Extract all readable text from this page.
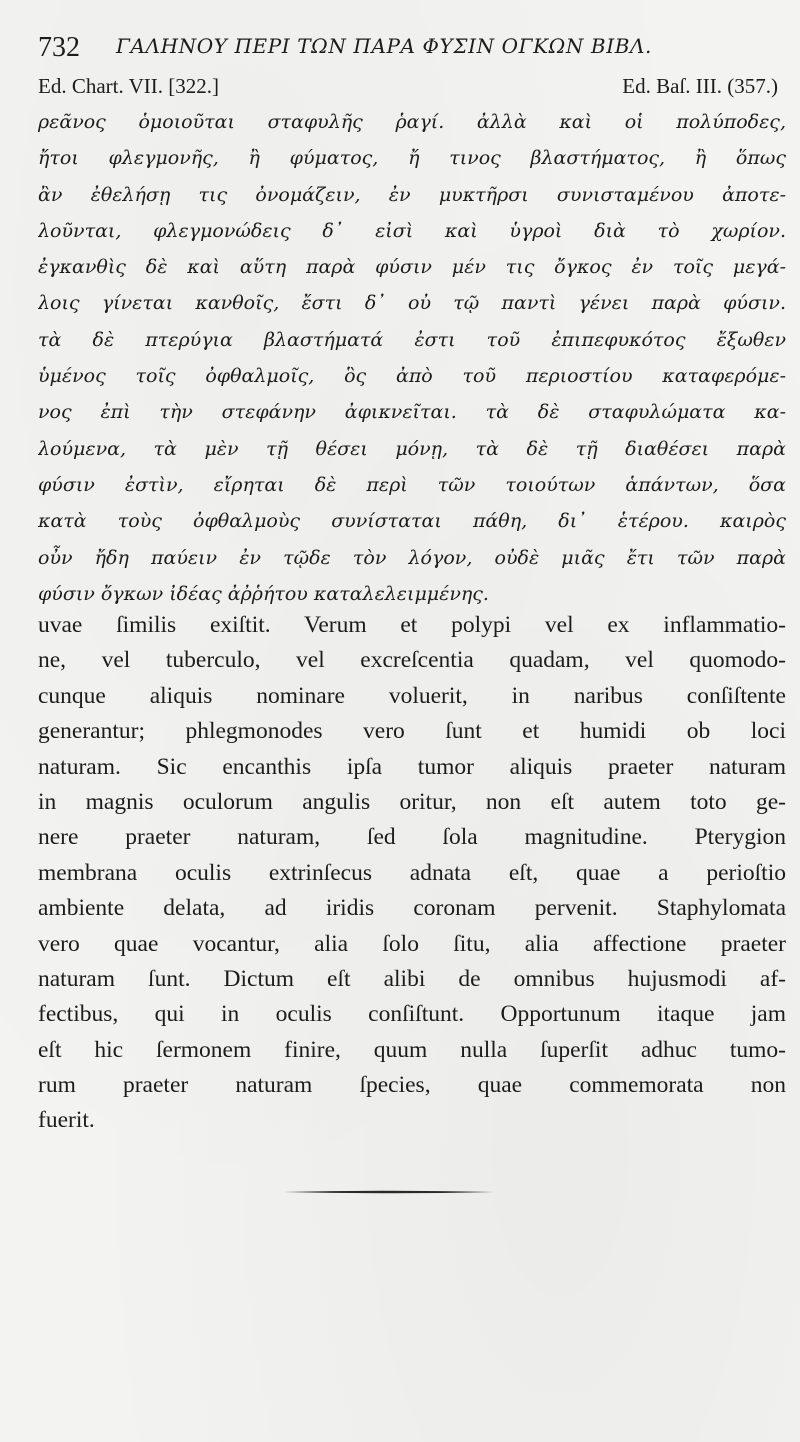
732 ΓΑΛΗΝΟΥ ΠΕΡΙ ΤΩΝ ΠΑΡΑ ΦΥΣΙΝ ΟΓΚΩΝ ΒΙΒΛ.
Ed. Chart. VII. [322.]	Ed. Baſ. III. (357.)
ρεᾶνος ὁμοιοῦται σταφυλῆς ῥαγί. ἀλλὰ καὶ οἱ πολύποδες,
ἤτοι φλεγμονῆς, ἢ φύματος, ἤ τινος βλαστήματος, ἢ ὅπως
ἂν ἐθελήσῃ τις ὀνομάζειν, ἐν μυκτῆρσι συνισταμένου ἀποτε-
λοῦνται, φλεγμονώδεις δ᾽ εἰσὶ καὶ ὑγροὶ διὰ τὸ χωρίον.
ἐγκανθὶς δὲ καὶ αὕτη παρὰ φύσιν μέν τις ὄγκος ἐν τοῖς μεγά-
λοις γίνεται κανθοῖς, ἔστι δ᾽ οὐ τῷ παντὶ γένει παρὰ φύσιν.
τὰ δὲ πτερύγια βλαστήματά ἐστι τοῦ ἐπιπεφυκότος ἔξωθεν
ὑμένος τοῖς ὀφθαλμοῖς, ὃς ἀπὸ τοῦ περιοστίου καταφερόμε-
νος ἐπὶ τὴν στεφάνην ἀφικνεῖται. τὰ δὲ σταφυλώματα κα-
λούμενα, τὰ μὲν τῇ θέσει μόνῃ, τὰ δὲ τῇ διαθέσει παρὰ
φύσιν ἐστὶν, εἴρηται δὲ περὶ τῶν τοιούτων ἁπάντων, ὅσα
κατὰ τοὺς ὀφθαλμοὺς συνίσταται πάθη, δι᾽ ἑτέρου. καιρὸς
οὖν ἤδη παύειν ἐν τῷδε τὸν λόγον, οὐδὲ μιᾶς ἔτι τῶν παρὰ
φύσιν ὄγκων ἰδέας ἀῤῥήτου καταλελειμμένης.
uvae ſimilis exiſtit. Verum et polypi vel ex inflammatio-
ne, vel tuberculo, vel excreſcentia quadam, vel quomodo-
cunque aliquis nominare voluerit, in naribus conſiſtente
generantur; phlegmonodes vero ſunt et humidi ob loci
naturam. Sic encanthis ipſa tumor aliquis praeter naturam
in magnis oculorum angulis oritur, non eſt autem toto ge-
nere praeter naturam, ſed ſola magnitudine. Pterygion
membrana oculis extrinſecus adnata eſt, quae a perioſtio
ambiente delata, ad iridis coronam pervenit. Staphylomata
vero quae vocantur, alia ſolo ſitu, alia affectione praeter
naturam ſunt. Dictum eſt alibi de omnibus hujusmodi af-
fectibus, qui in oculis conſiſtunt. Opportunum itaque jam
eſt hic ſermonem finire, quum nulla ſuperſit adhuc tumo-
rum praeter naturam ſpecies, quae commemorata non
fuerit.
